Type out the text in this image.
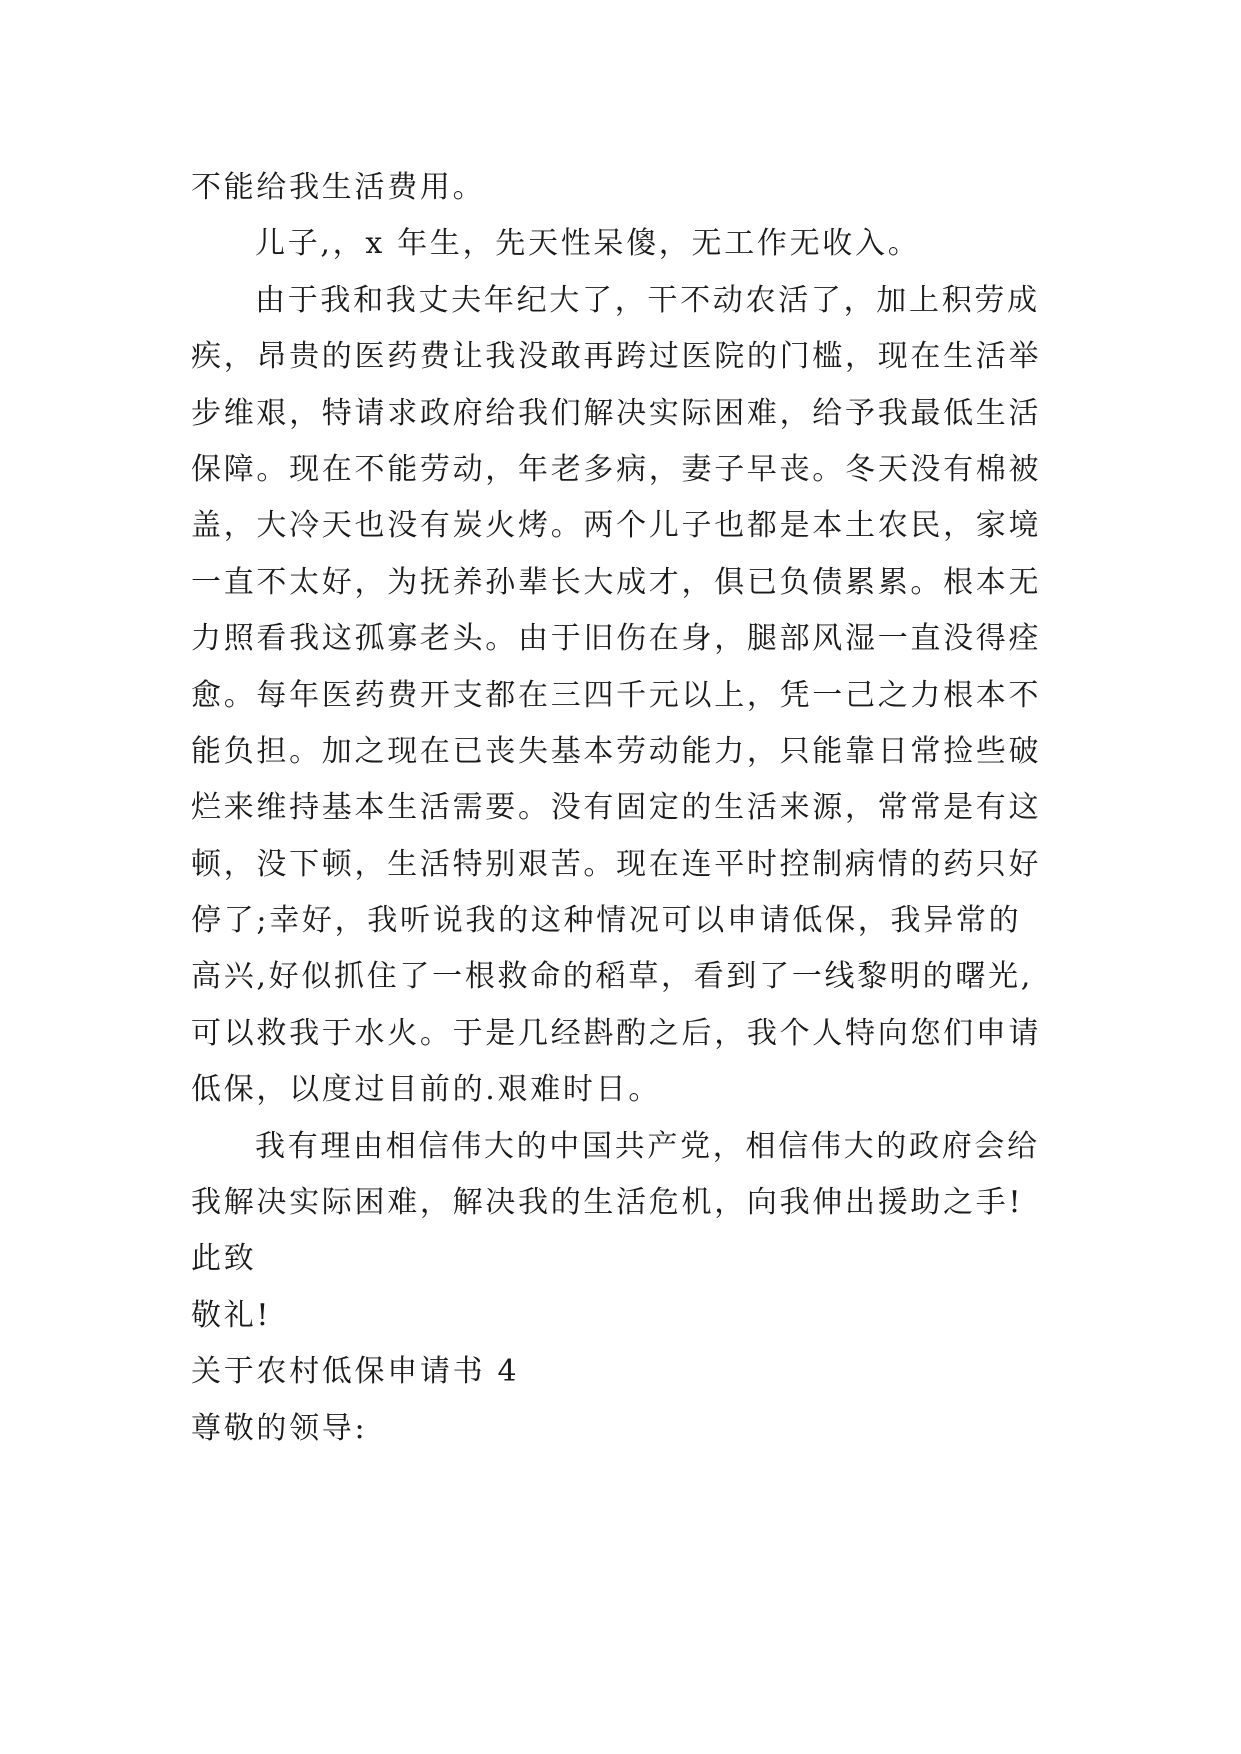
不能给我生活费用。
儿子,，x 年生，先天性呆傻，无工作无收入。
由于我和我丈夫年纪大了，干不动农活了，加上积劳成
疾，昂贵的医药费让我没敢再跨过医院的门槛，现在生活举
步维艰，特请求政府给我们解决实际困难，给予我最低生活
保障。现在不能劳动，年老多病，妻子早丧。冬天没有棉被
盖，大冷天也没有炭火烤。两个儿子也都是本土农民，家境
一直不太好，为抚养孙辈长大成才，俱已负债累累。根本无
力照看我这孤寡老头。由于旧伤在身，腿部风湿一直没得痊
愈。每年医药费开支都在三四千元以上，凭一己之力根本不
能负担。加之现在已丧失基本劳动能力，只能靠日常捡些破
烂来维持基本生活需要。没有固定的生活来源，常常是有这
顿，没下顿，生活特别艰苦。现在连平时控制病情的药只好
停了;幸好，我听说我的这种情况可以申请低保，我异常的
高兴,好似抓住了一根救命的稻草，看到了一线黎明的曙光,
可以救我于水火。于是几经斟酌之后，我个人特向您们申请
低保，以度过目前的.艰难时日。
我有理由相信伟大的中国共产党，相信伟大的政府会给
我解决实际困难，解决我的生活危机，向我伸出援助之手!
此致
敬礼!
关于农村低保申请书 4
尊敬的领导:
